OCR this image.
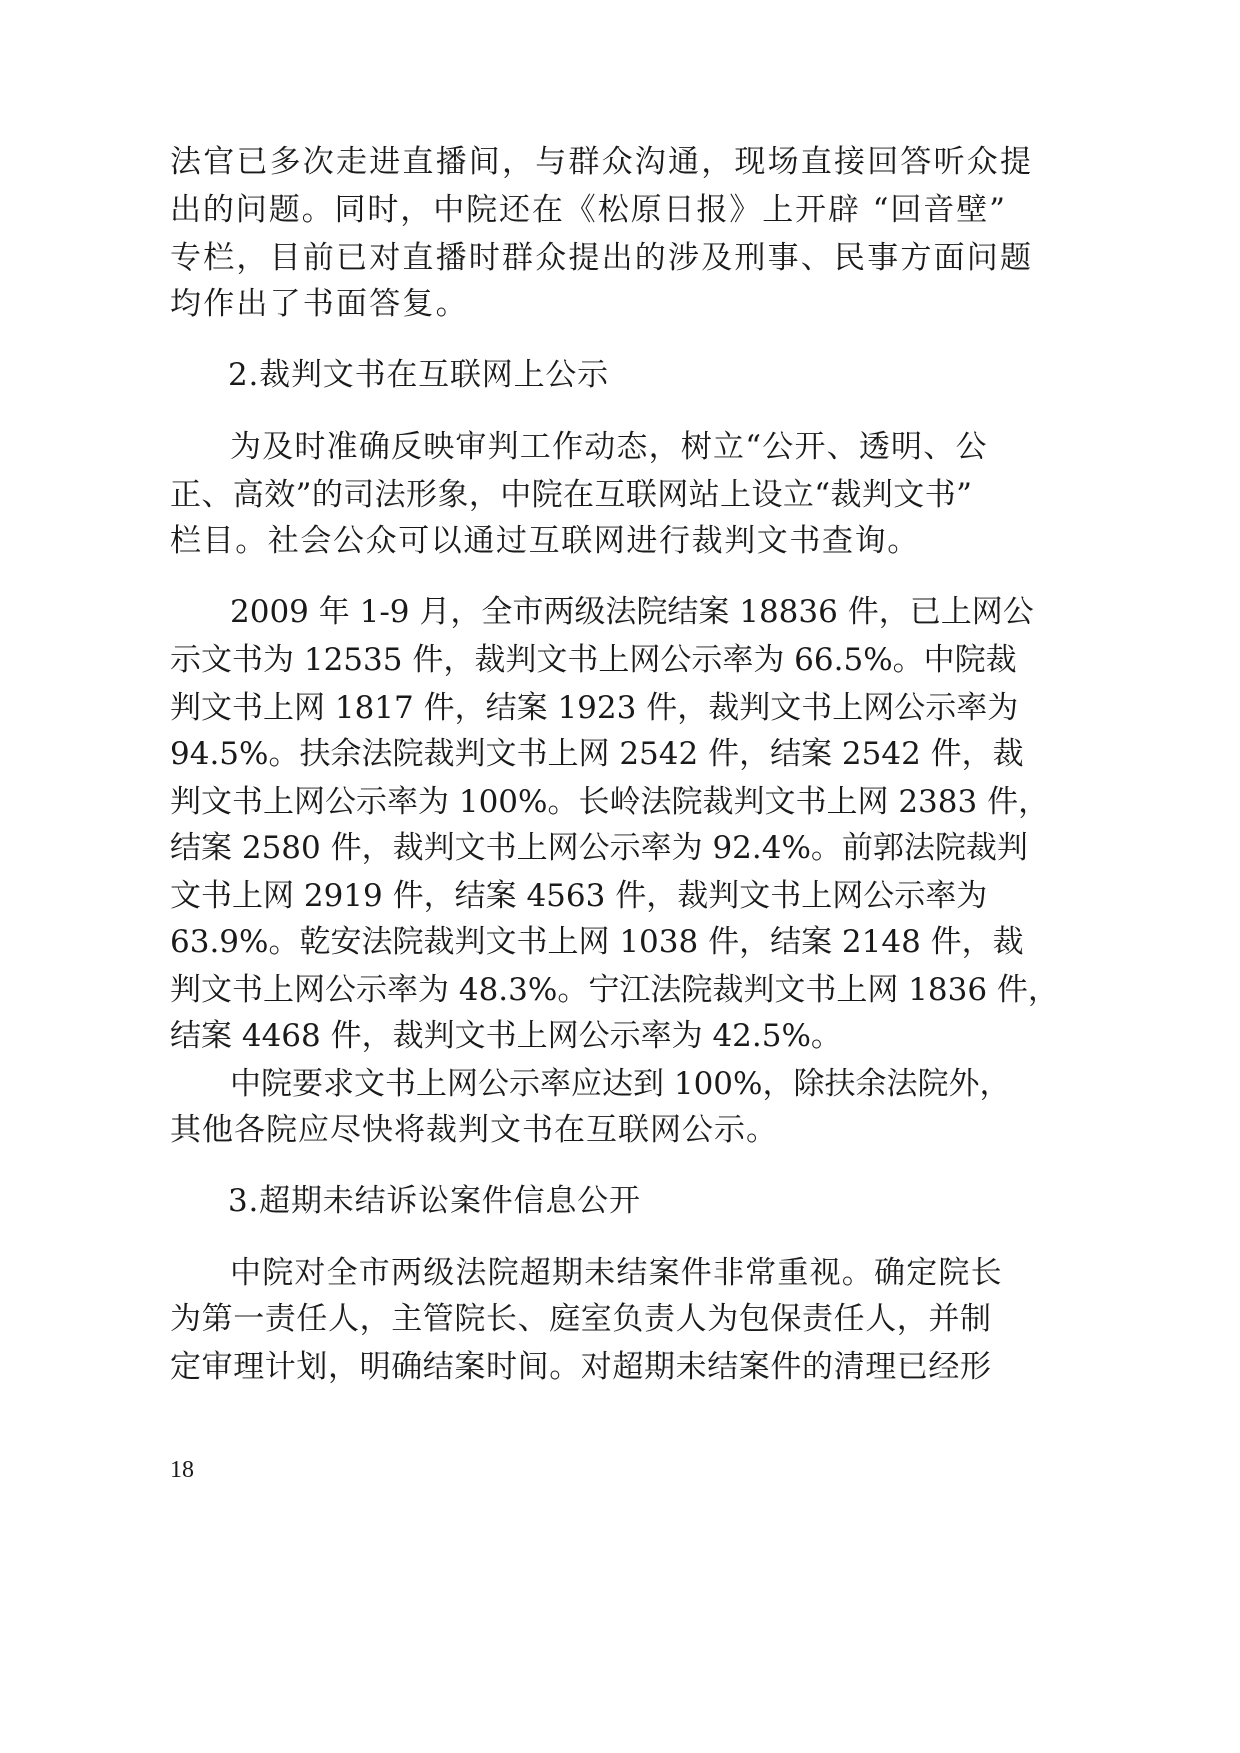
法官已多次走进直播间，与群众沟通，现场直接回答听众提
出的问题。同时，中院还在《松原日报》上开辟 “回音壁”
专栏，目前已对直播时群众提出的涉及刑事、民事方面问题
均作出了书面答复。
2.裁判文书在互联网上公示
为及时准确反映审判工作动态，树立“公开、透明、公
正、高效”的司法形象，中院在互联网站上设立“裁判文书”
栏目。社会公众可以通过互联网进行裁判文书查询。
2009 年 1-9 月，全市两级法院结案 18836 件，已上网公
示文书为 12535 件，裁判文书上网公示率为 66.5%。中院裁
判文书上网 1817 件，结案 1923 件，裁判文书上网公示率为
94.5%。扶余法院裁判文书上网 2542 件，结案 2542 件，裁
判文书上网公示率为 100%。长岭法院裁判文书上网 2383 件，
结案 2580 件，裁判文书上网公示率为 92.4%。前郭法院裁判
文书上网 2919 件，结案 4563 件，裁判文书上网公示率为
63.9%。乾安法院裁判文书上网 1038 件，结案 2148 件，裁
判文书上网公示率为 48.3%。宁江法院裁判文书上网 1836 件，
结案 4468 件，裁判文书上网公示率为 42.5%。
中院要求文书上网公示率应达到 100%，除扶余法院外，
其他各院应尽快将裁判文书在互联网公示。
3.超期未结诉讼案件信息公开
中院对全市两级法院超期未结案件非常重视。确定院长
为第一责任人，主管院长、庭室负责人为包保责任人，并制
定审理计划，明确结案时间。对超期未结案件的清理已经形
18
